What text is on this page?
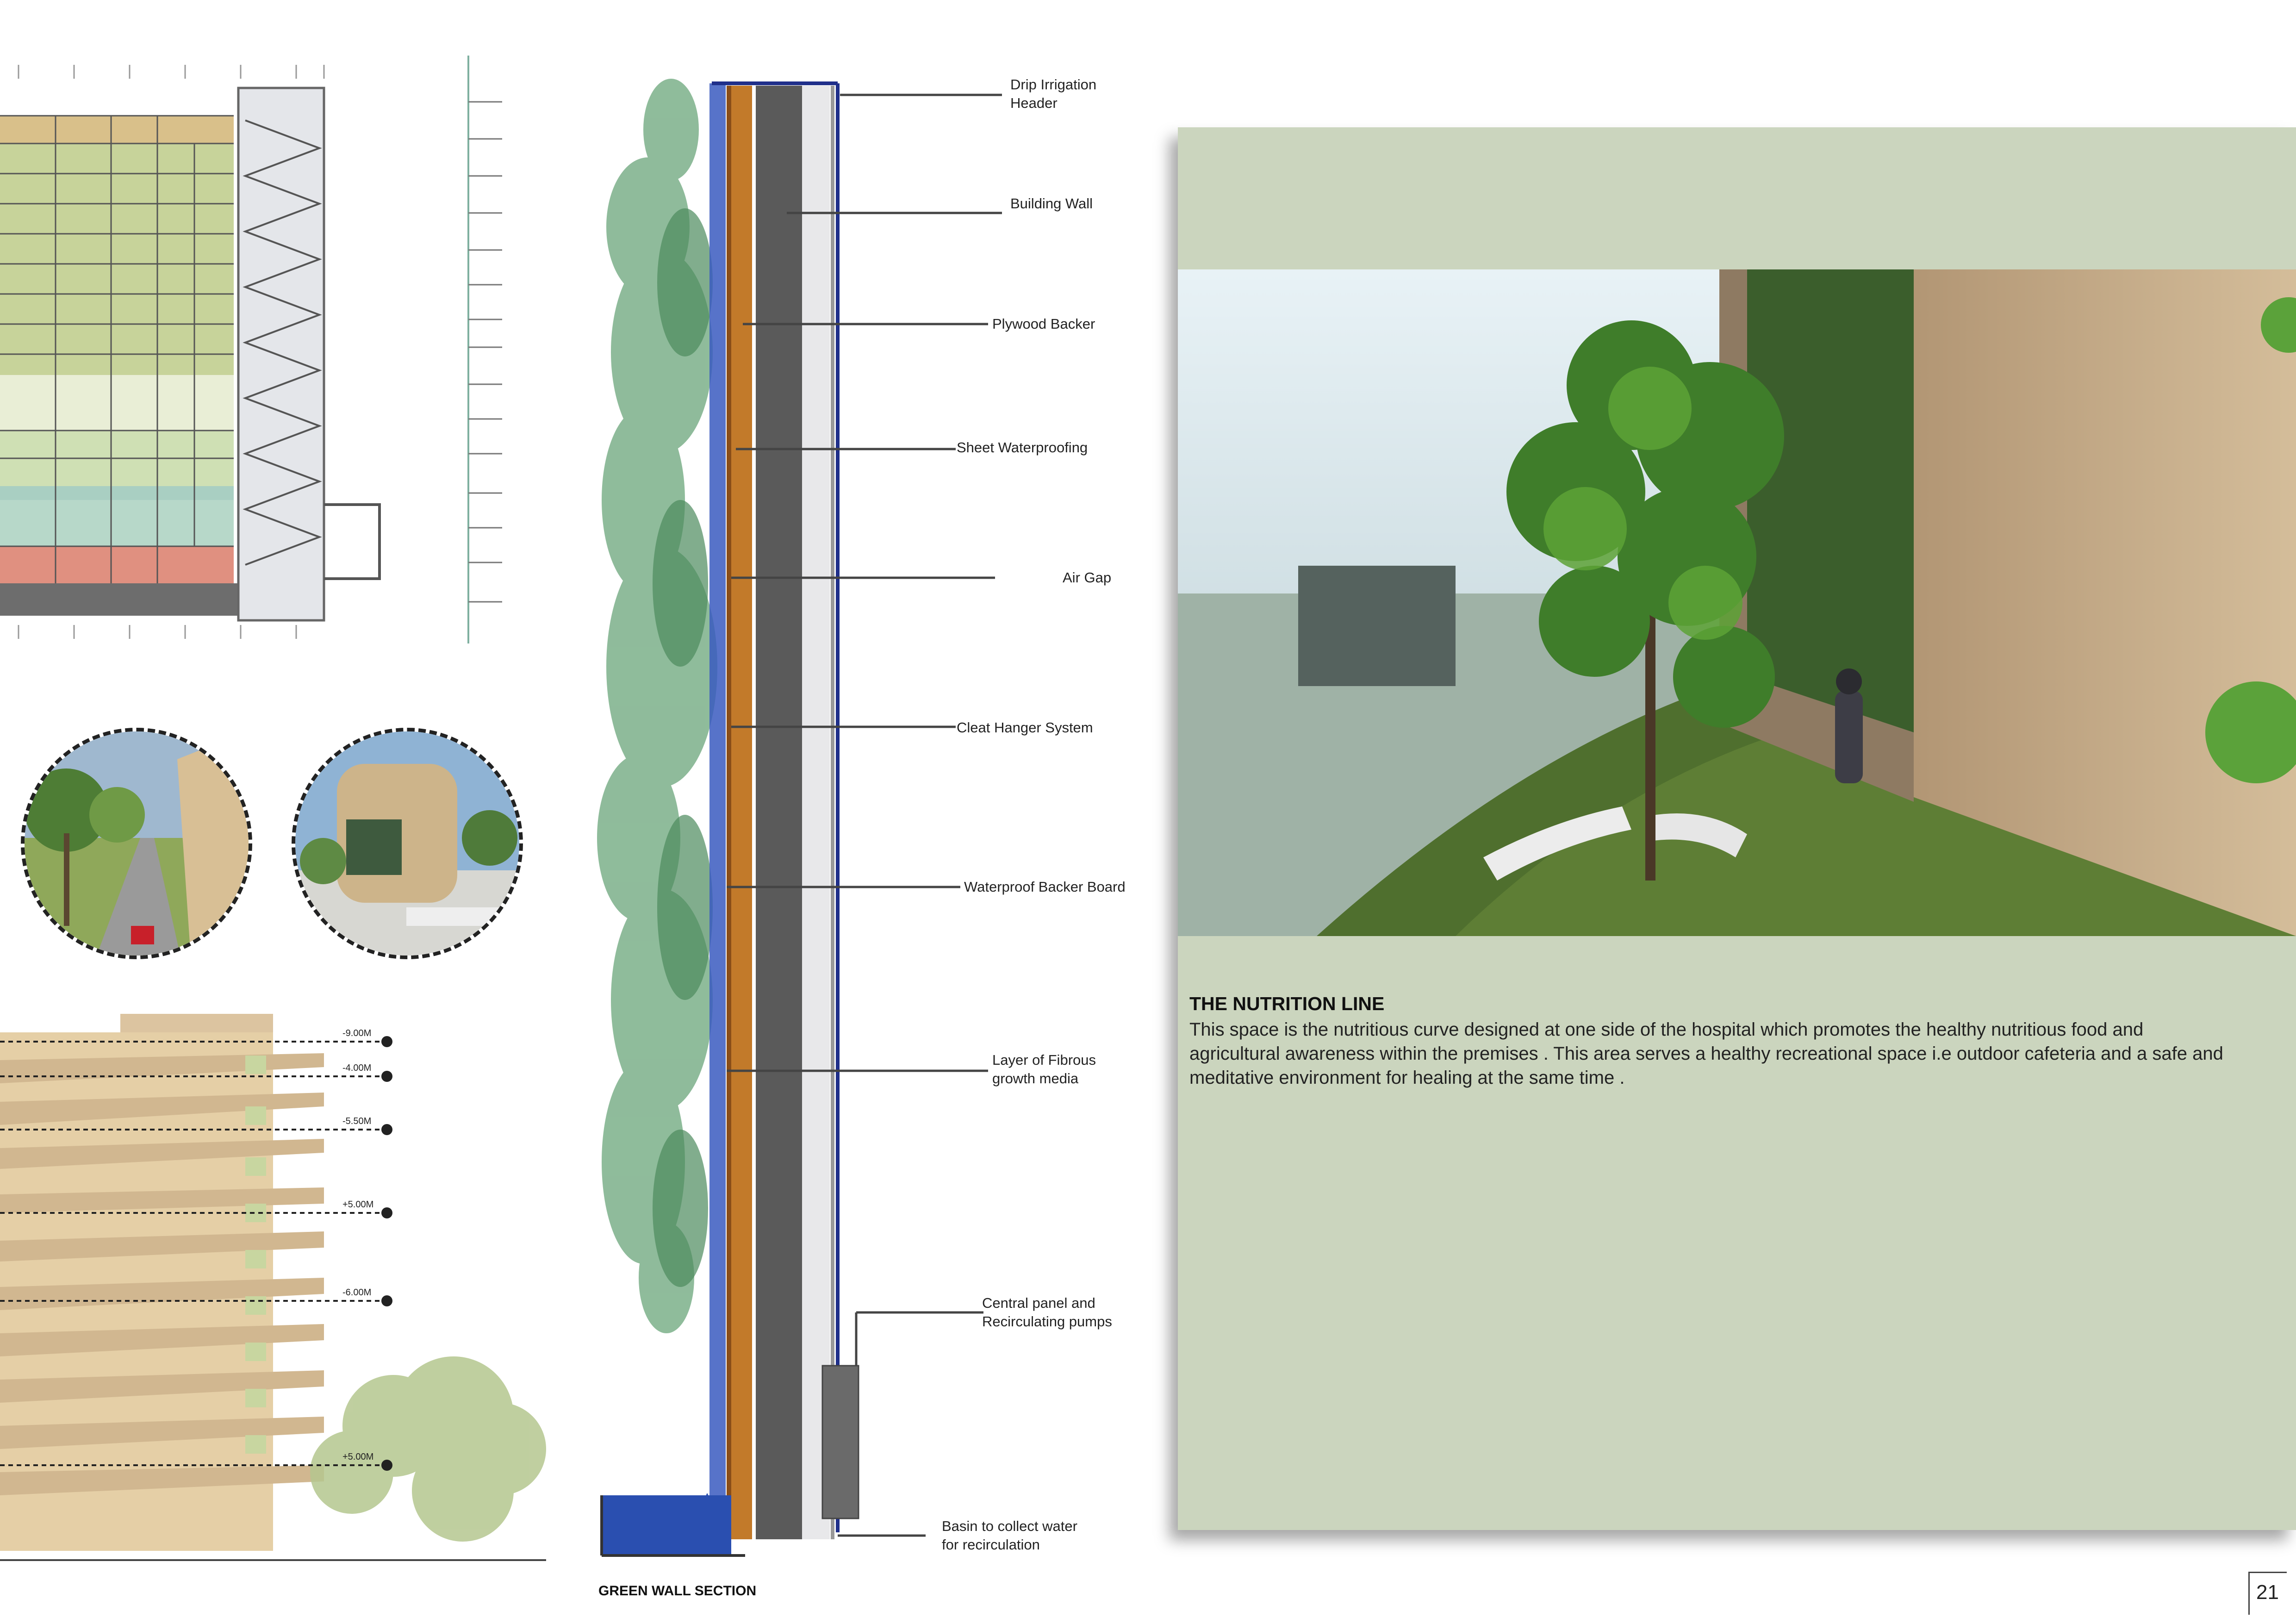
-9.00M
-4.00M
-5.50M
+5.00M
-6.00M
+5.00M
Drip Irrigation
Header
Building Wall
Plywood Backer
Sheet Waterproofing
Air Gap
Cleat Hanger System
Waterproof Backer Board
Layer of Fibrous
growth media
Central panel and
Recirculating pumps
Basin to collect water
for recirculation
GREEN WALL SECTION
THE NUTRITION LINE
This space is the nutritious curve designed at one side of the hospital which promotes the healthy nutritious food and agricultural awareness within the premises . This area serves a healthy recreational space i.e outdoor cafeteria and a safe and meditative environment for healing at the same time .
21
